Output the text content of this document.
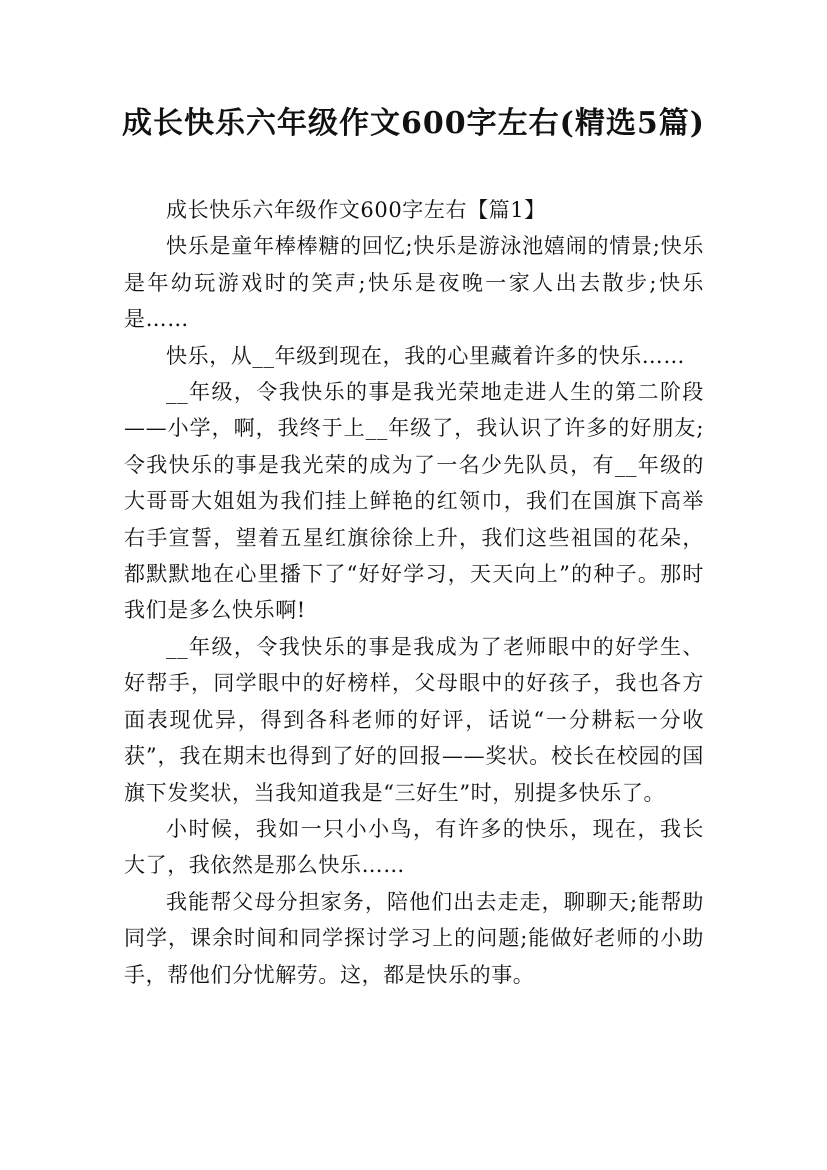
成长快乐六年级作文600字左右(精选5篇)
成长快乐六年级作文600字左右【篇1】

快乐是童年棒棒糖的回忆;快乐是游泳池嬉闹的情景;快乐是年幼玩游戏时的笑声;快乐是夜晚一家人出去散步;快乐是……

快乐，从__年级到现在，我的心里藏着许多的快乐……

__年级，令我快乐的事是我光荣地走进人生的第二阶段——小学，啊，我终于上__年级了，我认识了许多的好朋友;令我快乐的事是我光荣的成为了一名少先队员，有__年级的大哥哥大姐姐为我们挂上鲜艳的红领巾，我们在国旗下高举右手宣誓，望着五星红旗徐徐上升，我们这些祖国的花朵，都默默地在心里播下了“好好学习，天天向上”的种子。那时我们是多么快乐啊!

__年级，令我快乐的事是我成为了老师眼中的好学生、好帮手，同学眼中的好榜样，父母眼中的好孩子，我也各方面表现优异，得到各科老师的好评，话说“一分耕耘一分收获”，我在期末也得到了好的回报——奖状。校长在校园的国旗下发奖状，当我知道我是“三好生”时，别提多快乐了。

小时候，我如一只小小鸟，有许多的快乐，现在，我长大了，我依然是那么快乐……

我能帮父母分担家务，陪他们出去走走，聊聊天;能帮助同学，课余时间和同学探讨学习上的问题;能做好老师的小助手，帮他们分忧解劳。这，都是快乐的事。
